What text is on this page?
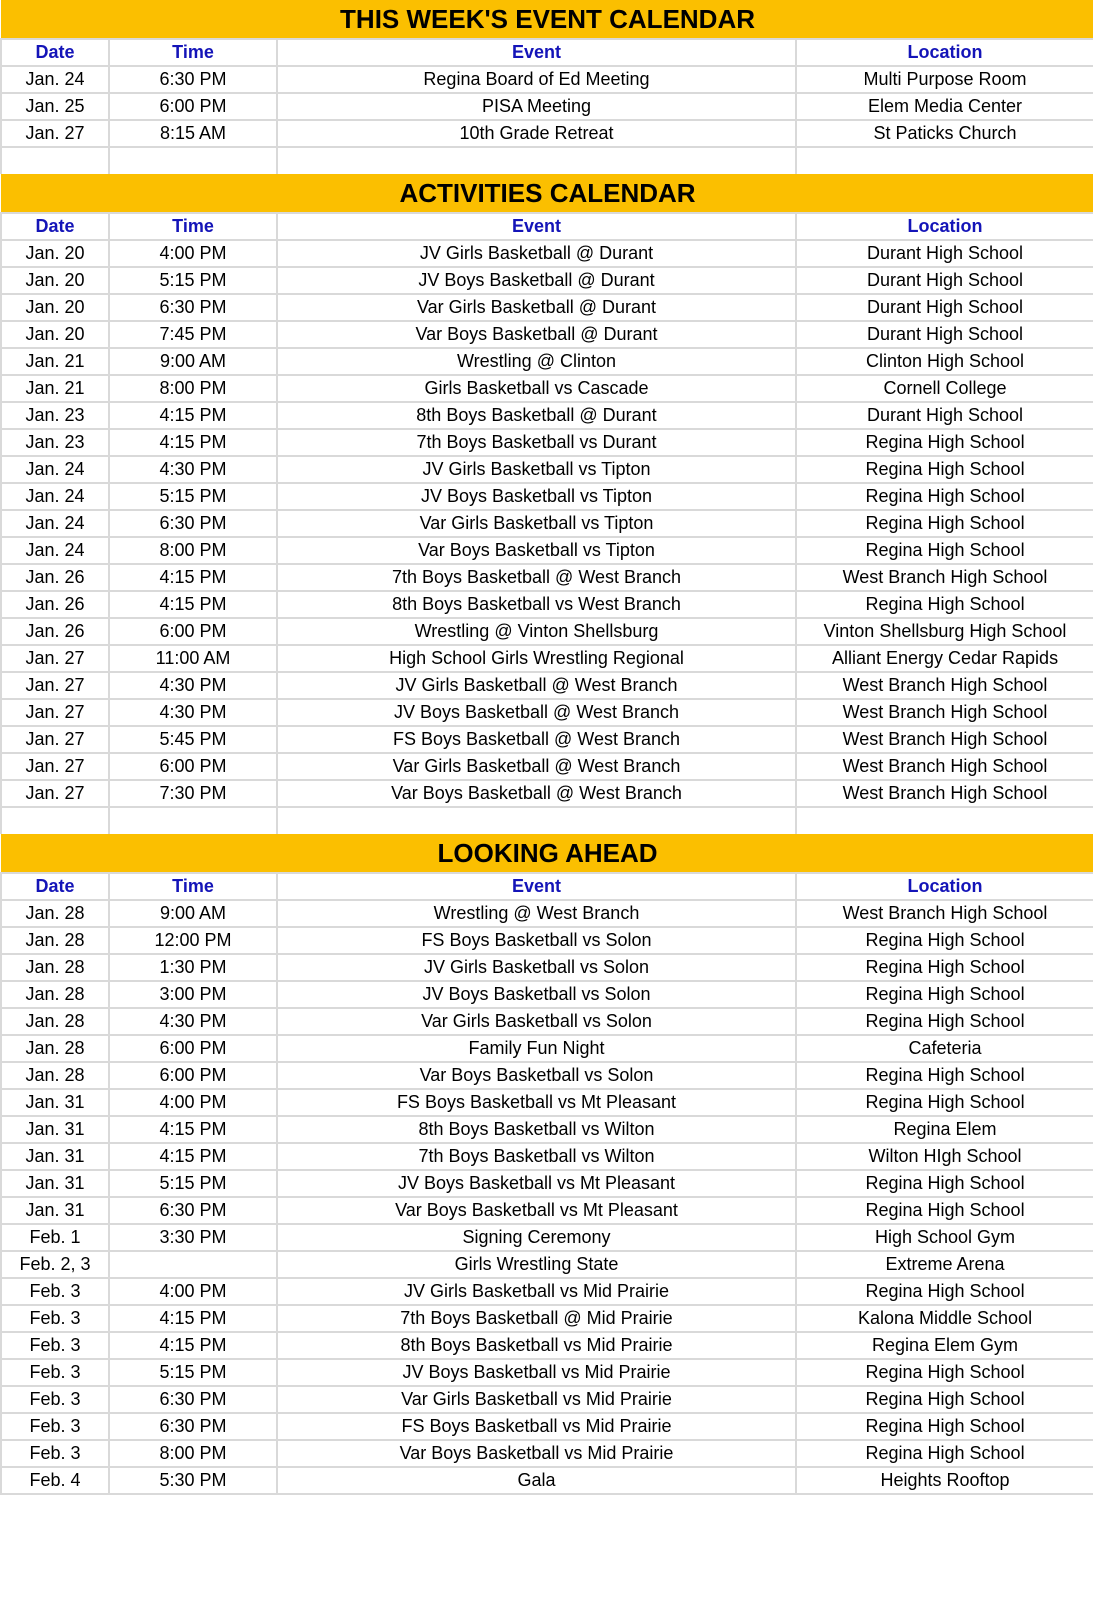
THIS WEEK'S EVENT CALENDAR			
Date	Time	Event	Location
Jan. 24	6:30 PM	Regina Board of Ed Meeting	Multi Purpose Room
Jan. 25	6:00 PM	PISA Meeting	Elem Media Center
Jan. 27	8:15 AM	10th Grade Retreat	St Paticks Church

ACTIVITIES CALENDAR			
Date	Time	Event	Location
Jan. 20	4:00 PM	JV Girls Basketball @ Durant	Durant High School
Jan. 20	5:15 PM	JV Boys Basketball @ Durant	Durant High School
Jan. 20	6:30 PM	Var Girls Basketball @ Durant	Durant High School
Jan. 20	7:45 PM	Var Boys Basketball @ Durant	Durant High School
Jan. 21	9:00 AM	Wrestling @ Clinton	Clinton High School
Jan. 21	8:00 PM	Girls Basketball vs Cascade	Cornell College
Jan. 23	4:15 PM	8th Boys Basketball @ Durant	Durant High School
Jan. 23	4:15 PM	7th Boys Basketball vs Durant	Regina High School
Jan. 24	4:30 PM	JV Girls Basketball vs Tipton	Regina High School
Jan. 24	5:15 PM	JV Boys Basketball vs Tipton	Regina High School
Jan. 24	6:30 PM	Var Girls Basketball vs Tipton	Regina High School
Jan. 24	8:00 PM	Var Boys Basketball vs Tipton	Regina High School
Jan. 26	4:15 PM	7th Boys Basketball @ West Branch	West Branch High School
Jan. 26	4:15 PM	8th Boys Basketball vs West Branch	Regina High School
Jan. 26	6:00 PM	Wrestling @ Vinton Shellsburg	Vinton Shellsburg High School
Jan. 27	11:00 AM	High School Girls Wrestling Regional	Alliant Energy Cedar Rapids
Jan. 27	4:30 PM	JV Girls Basketball @ West Branch	West Branch High School
Jan. 27	4:30 PM	JV Boys Basketball @ West Branch	West Branch High School
Jan. 27	5:45 PM	FS Boys Basketball @ West Branch	West Branch High School
Jan. 27	6:00 PM	Var Girls Basketball @ West Branch	West Branch High School
Jan. 27	7:30 PM	Var Boys Basketball @ West Branch	West Branch High School

LOOKING AHEAD			
Date	Time	Event	Location
Jan. 28	9:00 AM	Wrestling @ West Branch	West Branch High School
Jan. 28	12:00 PM	FS Boys Basketball vs Solon	Regina High School
Jan. 28	1:30 PM	JV Girls Basketball vs Solon	Regina High School
Jan. 28	3:00 PM	JV Boys Basketball vs Solon	Regina High School
Jan. 28	4:30 PM	Var Girls Basketball vs Solon	Regina High School
Jan. 28	6:00 PM	Family Fun Night	Cafeteria
Jan. 28	6:00 PM	Var Boys Basketball vs Solon	Regina High School
Jan. 31	4:00 PM	FS Boys Basketball vs Mt Pleasant	Regina High School
Jan. 31	4:15 PM	8th Boys Basketball vs Wilton	Regina Elem
Jan. 31	4:15 PM	7th Boys Basketball vs Wilton	Wilton HIgh School
Jan. 31	5:15 PM	JV Boys Basketball vs Mt Pleasant	Regina High School
Jan. 31	6:30 PM	Var Boys Basketball vs Mt Pleasant	Regina High School
Feb. 1	3:30 PM	Signing Ceremony	High School Gym
Feb. 2, 3		Girls Wrestling State	Extreme Arena
Feb. 3	4:00 PM	JV Girls Basketball vs Mid Prairie	Regina High School
Feb. 3	4:15 PM	7th Boys Basketball @ Mid Prairie	Kalona Middle School
Feb. 3	4:15 PM	8th Boys Basketball vs Mid Prairie	Regina Elem Gym
Feb. 3	5:15 PM	JV Boys Basketball vs Mid Prairie	Regina High School
Feb. 3	6:30 PM	Var Girls Basketball vs Mid Prairie	Regina High School
Feb. 3	6:30 PM	FS Boys Basketball vs Mid Prairie	Regina High School
Feb. 3	8:00 PM	Var Boys Basketball vs Mid Prairie	Regina High School
Feb. 4	5:30 PM	Gala	Heights Rooftop
